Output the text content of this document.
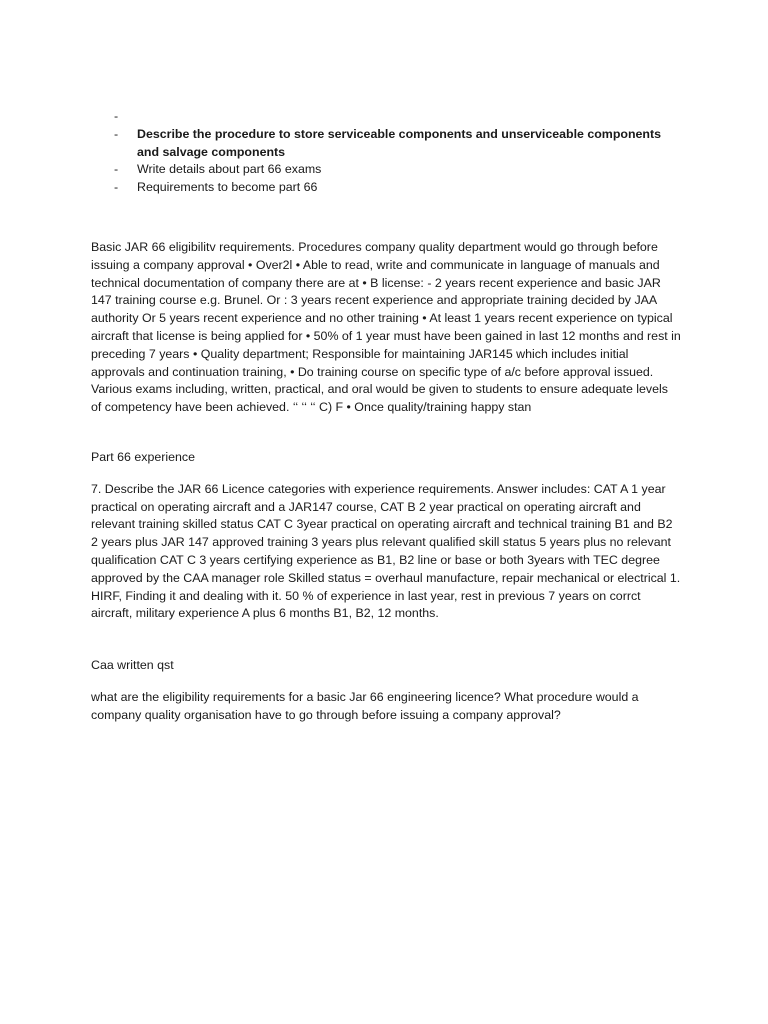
-
- Describe the procedure to store serviceable components and unserviceable components and salvage components
- Write details about part 66 exams
- Requirements to become part 66

Basic JAR 66 eligibilitv requirements. Procedures company quality department would go through before issuing a company approval • Over2l • Able to read, write and communicate in language of manuals and technical documentation of company there are at • B license: - 2 years recent experience and basic JAR 147 training course e.g. Brunel. Or : 3 years recent experience and appropriate training decided by JAA authority Or 5 years recent experience and no other training • At least 1 years recent experience on typical aircraft that license is being applied for • 50% of 1 year must have been gained in last 12 months and rest in preceding 7 years • Quality department; Responsible for maintaining JAR145 which includes initial approvals and continuation training, • Do training course on specific type of a/c before approval issued. Various exams including, written, practical, and oral would be given to students to ensure adequate levels of competency have been achieved. ‘‘ ‘‘ ‘‘ C) F • Once quality/training happy stan

Part 66 experience

7. Describe the JAR 66 Licence categories with experience requirements. Answer includes: CAT A 1 year practical on operating aircraft and a JAR147 course, CAT B 2 year practical on operating aircraft and relevant training skilled status CAT C 3year practical on operating aircraft and technical training B1 and B2 2 years plus JAR 147 approved training 3 years plus relevant qualified skill status 5 years plus no relevant qualification CAT C 3 years certifying experience as B1, B2 line or base or both 3years with TEC degree approved by the CAA manager role Skilled status = overhaul manufacture, repair mechanical or electrical 1. HIRF, Finding it and dealing with it. 50 % of experience in last year, rest in previous 7 years on corrct aircraft, military experience A plus 6 months B1, B2, 12 months.

Caa written qst

what are the eligibility requirements for a basic Jar 66 engineering licence? What procedure would a company quality organisation have to go through before issuing a company approval?
